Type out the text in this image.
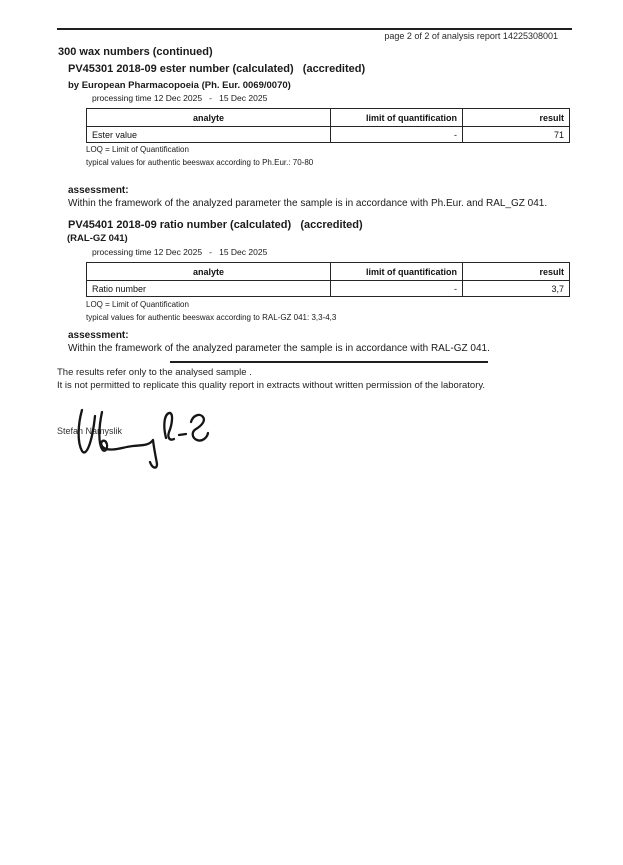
page 2 of 2 of analysis report 14225308001
300 wax numbers (continued)
PV45301 2018-09 ester number (calculated)   (accredited)
by European Pharmacopoeia (Ph. Eur. 0069/0070)
processing time 12 Dec 2025   -   15 Dec 2025
analyte	limit of quantification	result
Ester value	-	71
LOQ = Limit of Quantification
typical values for authentic beeswax according to Ph.Eur.: 70-80
assessment:
Within the framework of the analyzed parameter the sample is in accordance with Ph.Eur. and RAL_GZ 041.
PV45401 2018-09 ratio number (calculated)   (accredited)
(RAL-GZ 041)
processing time 12 Dec 2025   -   15 Dec 2025
analyte	limit of quantification	result
Ratio number	-	3,7
LOQ = Limit of Quantification
typical values for authentic beeswax according to RAL-GZ 041: 3,3-4,3
assessment:
Within the framework of the analyzed parameter the sample is in accordance with RAL-GZ 041.
The results refer only to the analysed sample .
It is not permitted to replicate this quality report in extracts without written permission of the laboratory.
Stefan Namyslik
